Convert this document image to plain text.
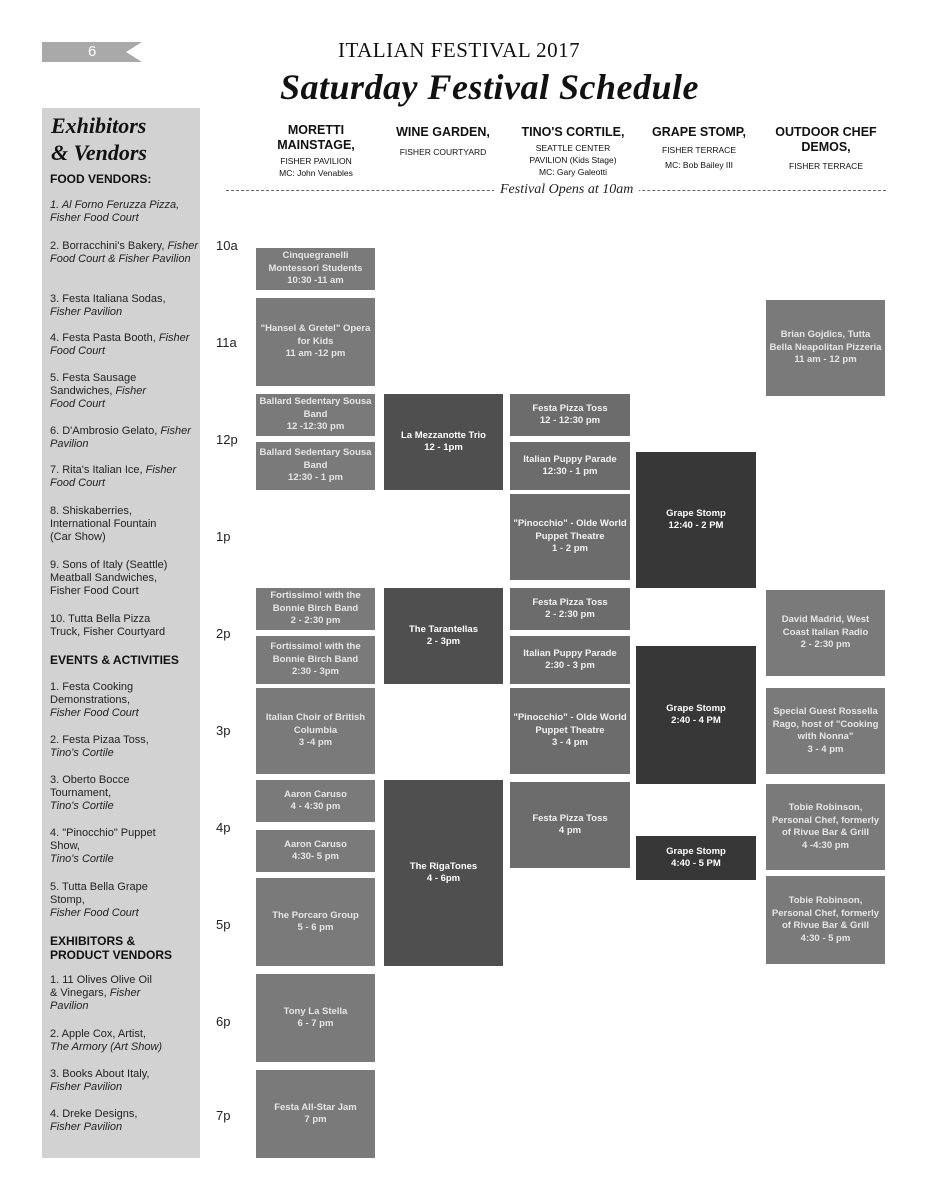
6	ITALIAN FESTIVAL 2017
Saturday Festival Schedule
Exhibitors
& Vendors
FOOD VENDORS:
1. Al Forno Feruzza Pizza, Fisher Food Court
2. Borracchini's Bakery, Fisher Food Court & Fisher Pavilion
3. Festa Italiana Sodas, Fisher Pavilion
4. Festa Pasta Booth, Fisher Food Court
5. Festa Sausage Sandwiches, Fisher Food Court
6. D'Ambrosio Gelato, Fisher Pavilion
7. Rita's Italian Ice, Fisher Food Court
8. Shiskaberries, International Fountain (Car Show)
9. Sons of Italy (Seattle) Meatball Sandwiches, Fisher Food Court
10. Tutta Bella Pizza Truck, Fisher Courtyard
EVENTS & ACTIVITIES
1. Festa Cooking Demonstrations, Fisher Food Court
2. Festa Pizaa Toss,
Tino's Cortile
3. Oberto Bocce Tournament,
Tino's Cortile
4. "Pinocchio" Puppet Show,
Tino's Cortile
5. Tutta Bella Grape Stomp,
Fisher Food Court
EXHIBITORS & PRODUCT VENDORS
1. 11 Olives Olive Oil & Vinegars, Fisher Pavilion
2. Apple Cox, Artist,
The Armory (Art Show)
3. Books About Italy,
Fisher Pavilion
4. Dreke Designs,
Fisher Pavilion
MORETTI MAINSTAGE,
FISHER PAVILION
MC: John Venables
WINE GARDEN,
FISHER COURTYARD
TINO'S CORTILE,
SEATTLE CENTER PAVILION (Kids Stage)
MC: Gary Galeotti
GRAPE STOMP,
FISHER TERRACE
MC: Bob Bailey III
OUTDOOR CHEF DEMOS,
FISHER TERRACE
Festival Opens at 10am
10a
11a
12p
1p
2p
3p
4p
5p
6p
7p
Cinquegranelli Montessori Students
10:30 -11 am
"Hansel & Gretel" Opera for Kids
11 am -12 pm
Ballard Sedentary Sousa Band
12 -12:30 pm
Ballard Sedentary Sousa Band
12:30 - 1 pm
Fortissimo! with the Bonnie Birch Band
2 - 2:30 pm
Fortissimo! with the Bonnie Birch Band
2:30 - 3pm
Italian Choir of British Columbia
3 -4 pm
Aaron Caruso
4 - 4:30 pm
Aaron Caruso
4:30- 5 pm
The Porcaro Group
5 - 6 pm
Tony La Stella
6 - 7 pm
Festa All-Star Jam
7 pm
La Mezzanotte Trio
12 - 1pm
The Tarantellas
2 - 3pm
The RigaTones
4 - 6pm
Festa Pizza Toss
12 - 12:30 pm
Italian Puppy Parade
12:30 - 1 pm
"Pinocchio" - Olde World Puppet Theatre
1 - 2 pm
Festa Pizza Toss
2 - 2:30 pm
Italian Puppy Parade
2:30 - 3 pm
"Pinocchio" - Olde World Puppet Theatre
3 - 4 pm
Festa Pizza Toss
4 pm
Grape Stomp
12:40 - 2 PM
Grape Stomp
2:40 - 4 PM
Grape Stomp
4:40 - 5 PM
Brian Gojdics, Tutta Bella Neapolitan Pizzeria
11 am - 12 pm
David Madrid, West Coast Italian Radio
2 - 2:30 pm
Special Guest Rossella Rago, host of "Cooking with Nonna"
3 - 4 pm
Tobie Robinson, Personal Chef, formerly of Rivue Bar & Grill
4 -4:30 pm
Tobie Robinson, Personal Chef, formerly of Rivue Bar & Grill
4:30 - 5 pm
